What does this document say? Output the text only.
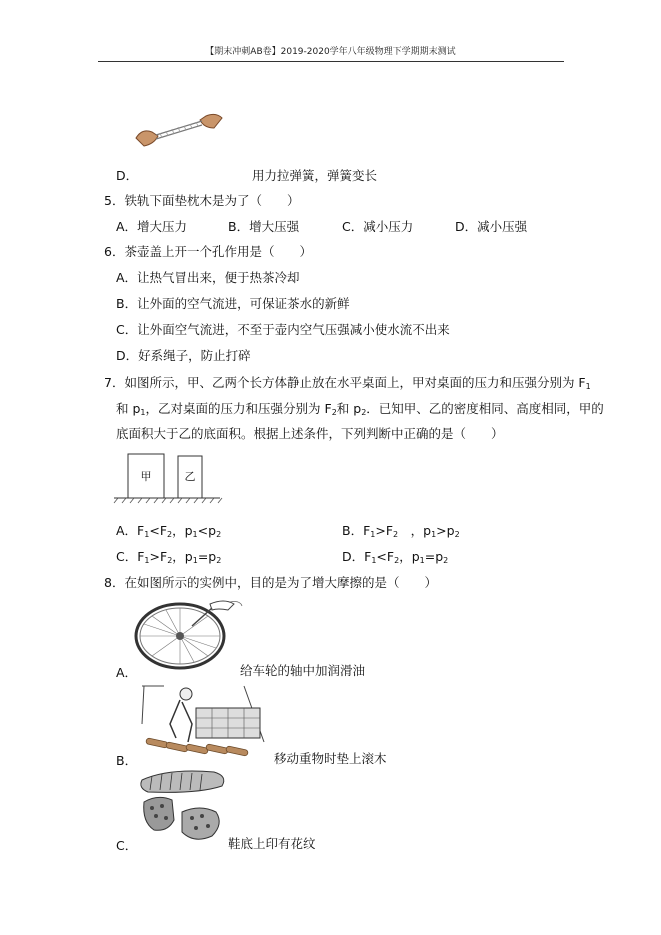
【期末冲刺AB卷】2019-2020学年八年级物理下学期期末测试
D．	用力拉弹簧，弹簧变长
5．铁轨下面垫枕木是为了（　　）
A．增大压力	B．增大压强	C．减小压力	D．减小压强
6．茶壶盖上开一个孔作用是（　　）
A．让热气冒出来，便于热茶冷却
B．让外面的空气流进，可保证茶水的新鲜
C．让外面空气流进，不至于壶内空气压强减小使水流不出来
D．好系绳子，防止打碎
7．如图所示，甲、乙两个长方体静止放在水平桌面上，甲对桌面的压力和压强分别为 $F_1$
和 $p_1$，乙对桌面的压力和压强分别为 $F_2$和 $p_2$．已知甲、乙的密度相同、高度相同，甲的
底面积大于乙的底面积。根据上述条件，下列判断中正确的是（　　）
甲	乙
A．$F_1<F_2$，$p_1<p_2$	B．$F_1>F_2$　，$p_1>p_2$
C．$F_1>F_2$，$p_1=p_2$	D．$F_1<F_2$，$p_1=p_2$
8．在如图所示的实例中，目的是为了增大摩擦的是（　　）
A．	给车轮的轴中加润滑油
B．	移动重物时垫上滚木
C．	鞋底上印有花纹
